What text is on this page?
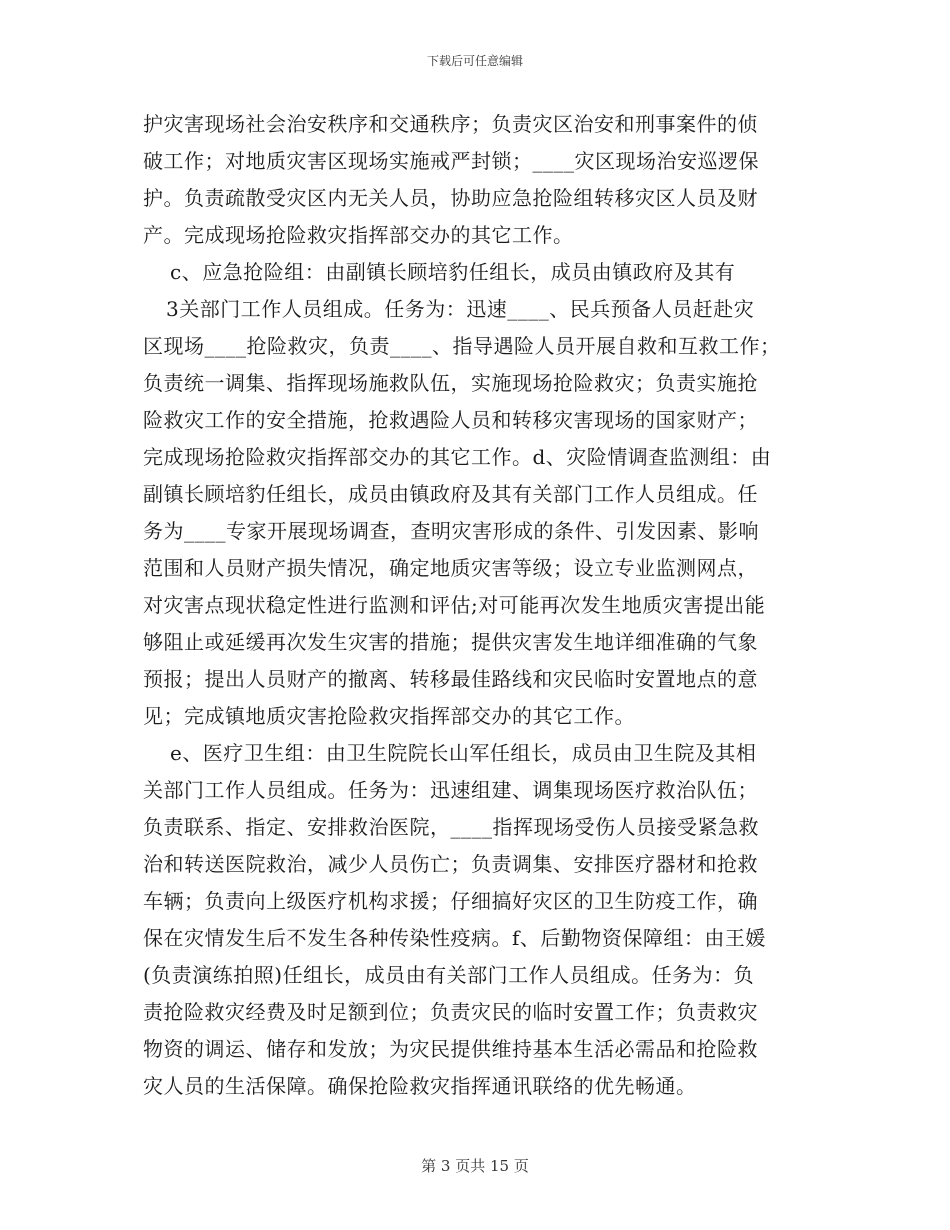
下载后可任意编辑
护灾害现场社会治安秩序和交通秩序；负责灾区治安和刑事案件的侦
破工作；对地质灾害区现场实施戒严封锁；____灾区现场治安巡逻保
护。负责疏散受灾区内无关人员，协助应急抢险组转移灾区人员及财
产。完成现场抢险救灾指挥部交办的其它工作。
c、应急抢险组：由副镇长顾培豹任组长，成员由镇政府及其有
3关部门工作人员组成。任务为：迅速____、民兵预备人员赶赴灾
区现场____抢险救灾，负责____、指导遇险人员开展自救和互救工作；
负责统一调集、指挥现场施救队伍，实施现场抢险救灾；负责实施抢
险救灾工作的安全措施，抢救遇险人员和转移灾害现场的国家财产；
完成现场抢险救灾指挥部交办的其它工作。d、灾险情调查监测组：由
副镇长顾培豹任组长，成员由镇政府及其有关部门工作人员组成。任
务为____专家开展现场调查，查明灾害形成的条件、引发因素、影响
范围和人员财产损失情况，确定地质灾害等级；设立专业监测网点，
对灾害点现状稳定性进行监测和评估;对可能再次发生地质灾害提出能
够阻止或延缓再次发生灾害的措施；提供灾害发生地详细准确的气象
预报；提出人员财产的撤离、转移最佳路线和灾民临时安置地点的意
见；完成镇地质灾害抢险救灾指挥部交办的其它工作。
e、医疗卫生组：由卫生院院长山军任组长，成员由卫生院及其相
关部门工作人员组成。任务为：迅速组建、调集现场医疗救治队伍；
负责联系、指定、安排救治医院，____指挥现场受伤人员接受紧急救
治和转送医院救治，减少人员伤亡；负责调集、安排医疗器材和抢救
车辆；负责向上级医疗机构求援；仔细搞好灾区的卫生防疫工作，确
保在灾情发生后不发生各种传染性疫病。f、后勤物资保障组：由王媛
(负责演练拍照)任组长，成员由有关部门工作人员组成。任务为：负
责抢险救灾经费及时足额到位；负责灾民的临时安置工作；负责救灾
物资的调运、储存和发放；为灾民提供维持基本生活必需品和抢险救
灾人员的生活保障。确保抢险救灾指挥通讯联络的优先畅通。
第 3 页共 15 页
